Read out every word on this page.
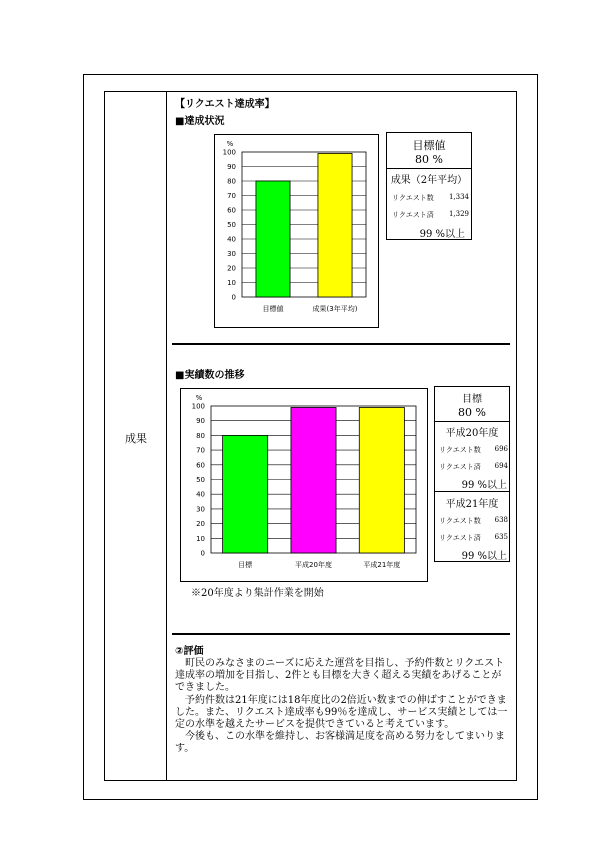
成果
【リクエスト達成率】
■達成状況
0
10
20
30
40
50
60
70
80
90
100
%
目標値	成果(3年平均)
目標値
80 %
成果（2年平均）
リクエスト数 1,334
リクエスト済 1,329
99 %以上
■実績数の推移
0
10
20
30
40
50
60
70
80
90
100
%
目標	平成20年度	平成21年度
目標
80 %
平成20年度
リクエスト数 696
リクエスト済 694
99 %以上
平成21年度
リクエスト数 638
リクエスト済 635
99 %以上
※20年度より集計作業を開始
②評価

町民のみなさまのニーズに応えた運営を目指し、予約件数とリクエスト達成率の増加を目指し、2件とも目標を大きく超える実績をあげることができました。

予約件数は21年度には18年度比の2倍近い数までの伸ばすことができました。また、リクエスト達成率も99％を達成し、サービス実績としては一定の水準を越えたサービスを提供できていると考えています。

今後も、この水準を維持し、お客様満足度を高める努力をしてまいります。
